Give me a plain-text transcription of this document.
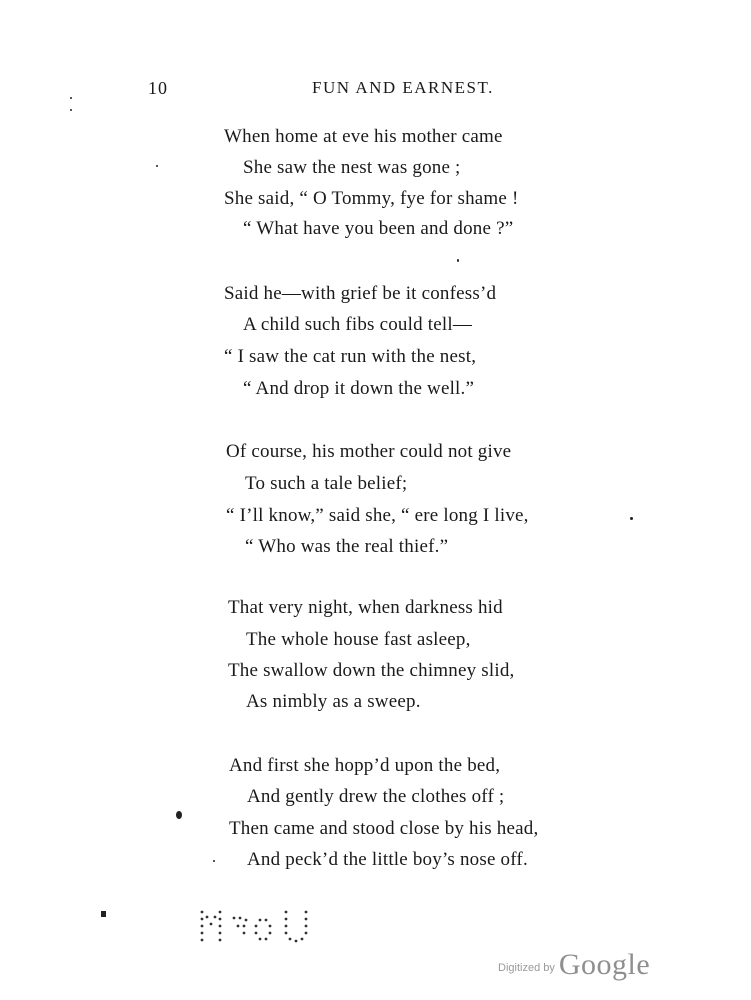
10	FUN AND EARNEST.
When home at eve his mother came
She saw the nest was gone ;
She said, “ O Tommy, fye for shame !
“ What have you been and done ?”
Said he—with grief be it confess’d
A child such fibs could tell—
“ I saw the cat run with the nest,
“ And drop it down the well.”
Of course, his mother could not give
To such a tale belief;
“ I’ll know,” said she, “ ere long I live,
“ Who was the real thief.”
That very night, when darkness hid
The whole house fast asleep,
The swallow down the chimney slid,
As nimbly as a sweep.
And first she hopp’d upon the bed,
And gently drew the clothes off ;
Then came and stood close by his head,
And peck’d the little boy’s nose off.
Digitized by Google
